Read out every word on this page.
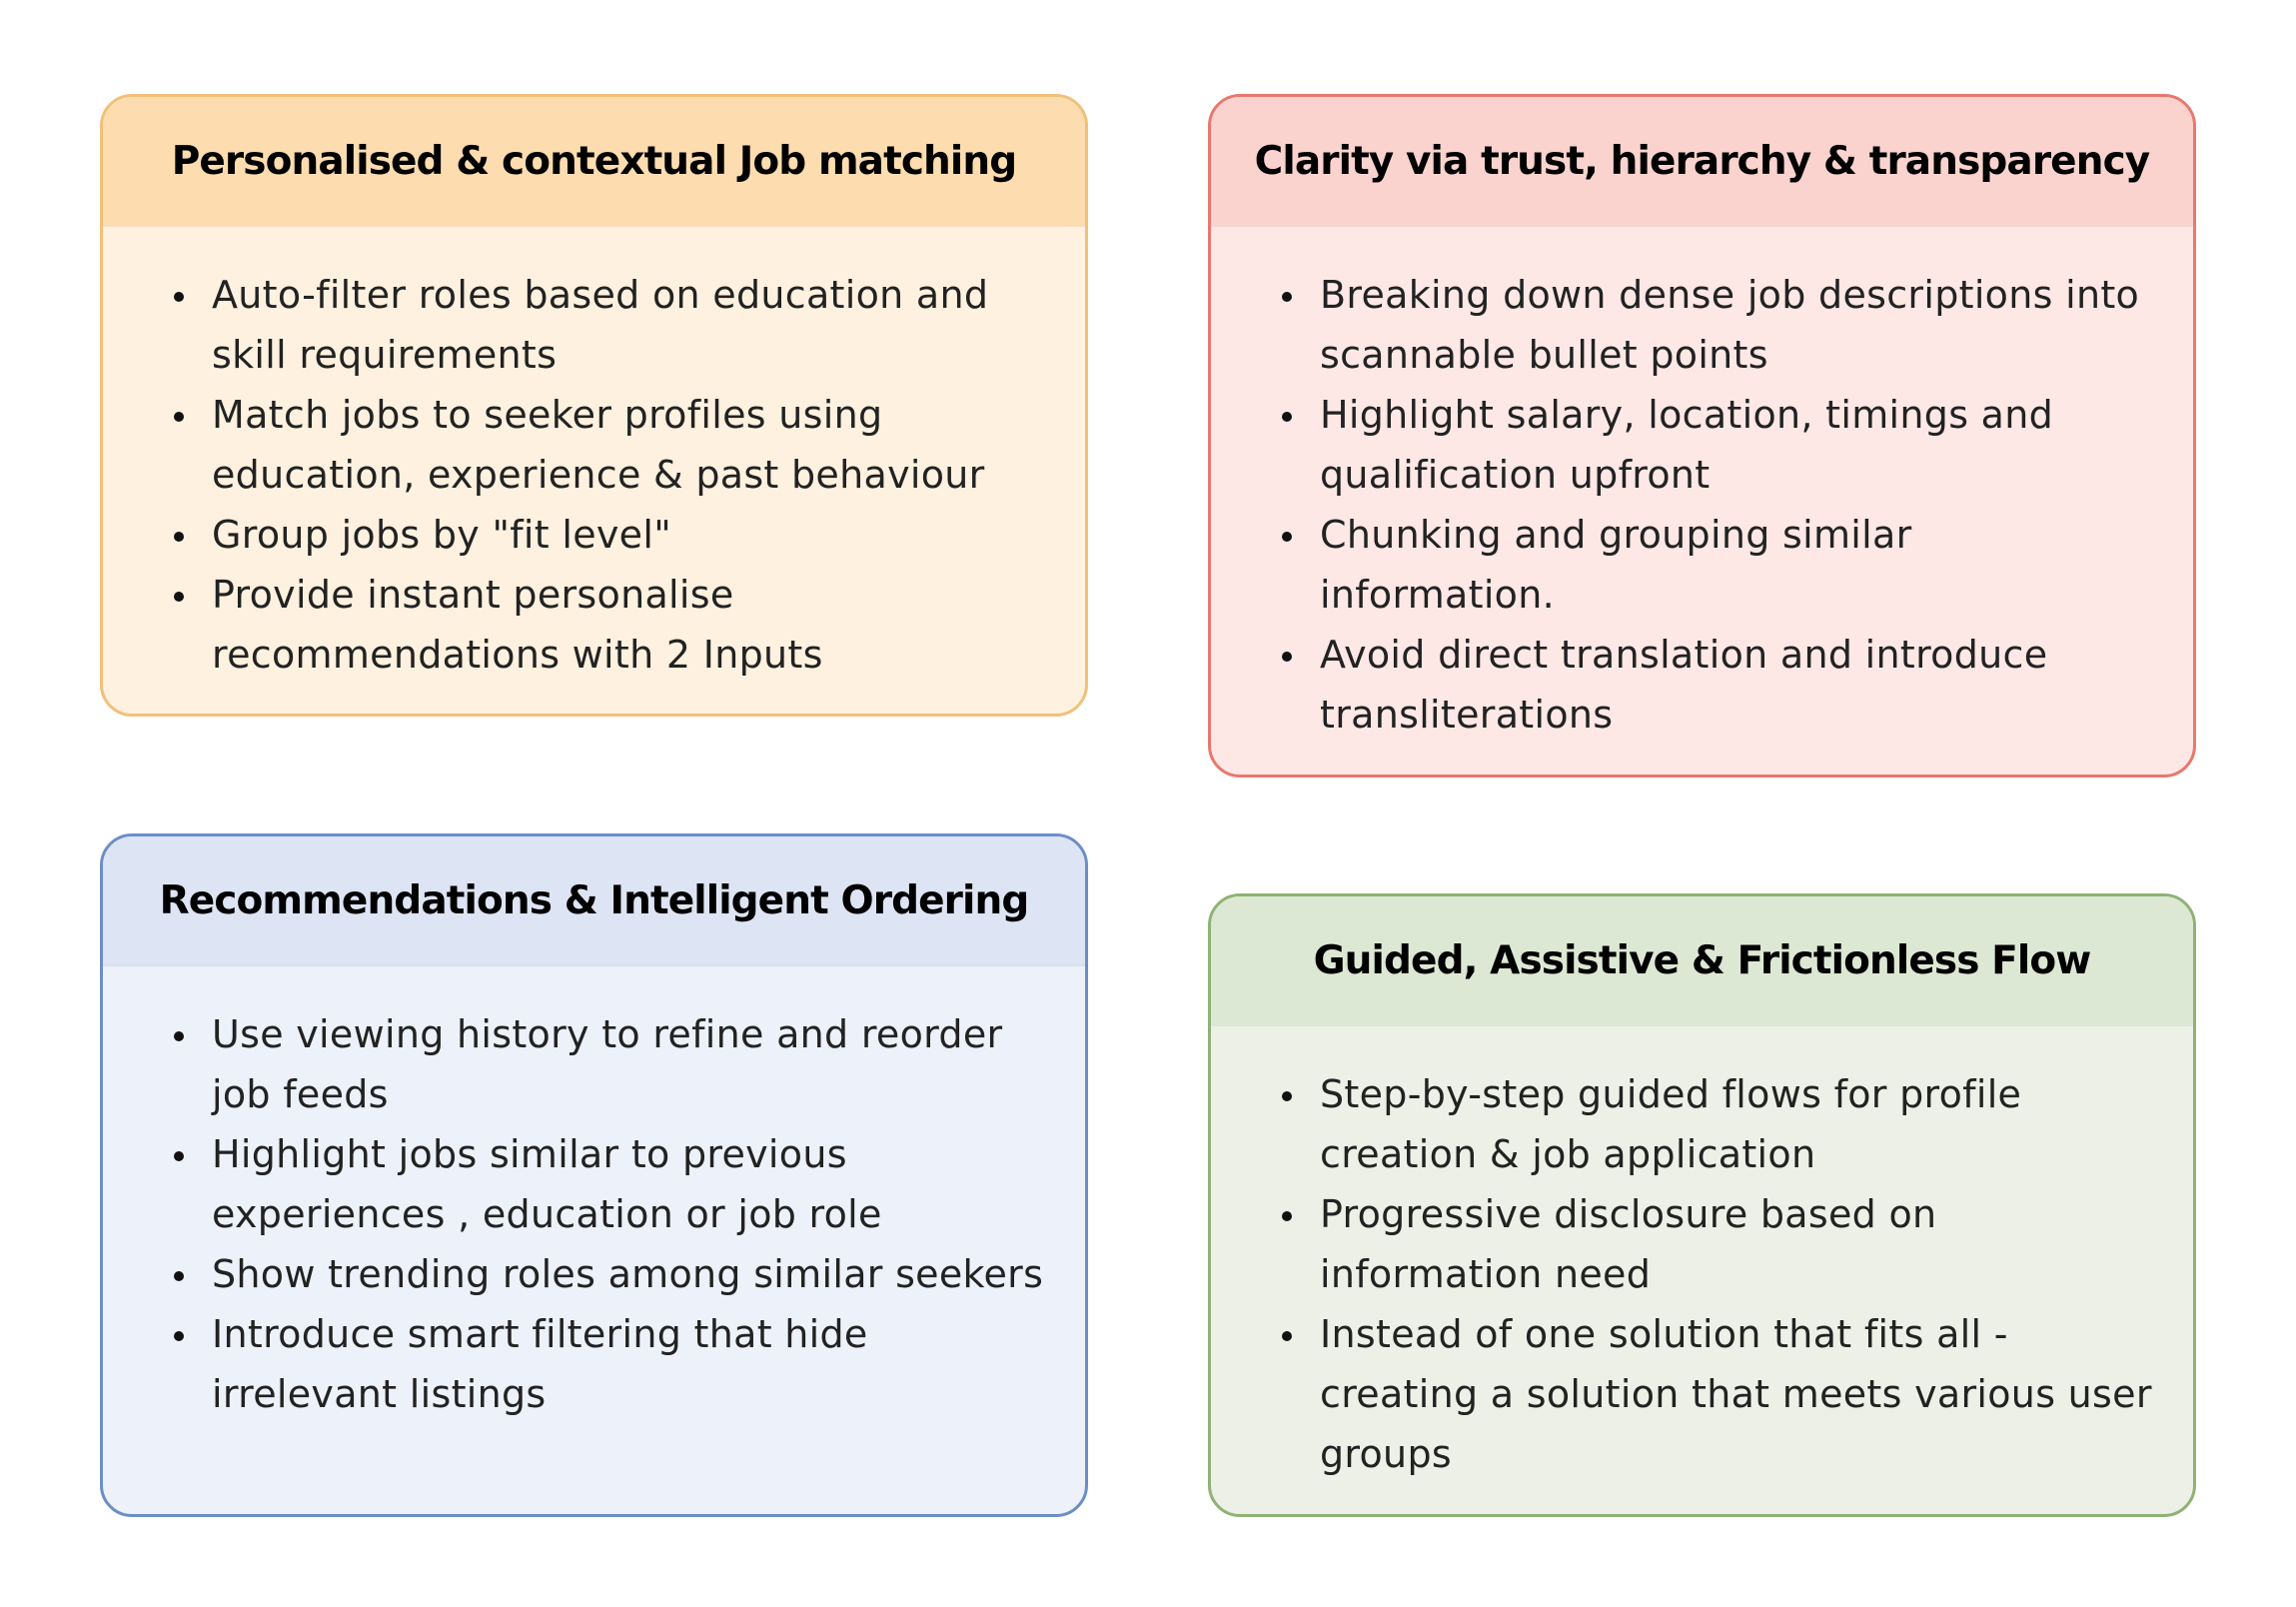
Personalised & contextual Job matching
Auto-filter roles based on education and skill requirements
Match jobs to seeker profiles using education, experience & past behaviour
Group jobs by "fit level"
Provide instant personalise recommendations with 2 Inputs
Clarity via trust, hierarchy & transparency
Breaking down dense job descriptions into scannable bullet points
Highlight salary, location, timings and qualification upfront
Chunking and grouping similar information.
Avoid direct translation and introduce transliterations
Recommendations & Intelligent Ordering
Use viewing history to refine and reorder job feeds
Highlight jobs similar to previous experiences , education or job role
Show trending roles among similar seekers
Introduce smart filtering that hide irrelevant listings
Guided, Assistive & Frictionless Flow
Step-by-step guided flows for profile creation & job application
Progressive disclosure based on information need
Instead of one solution that fits all - creating a solution that meets various user groups
